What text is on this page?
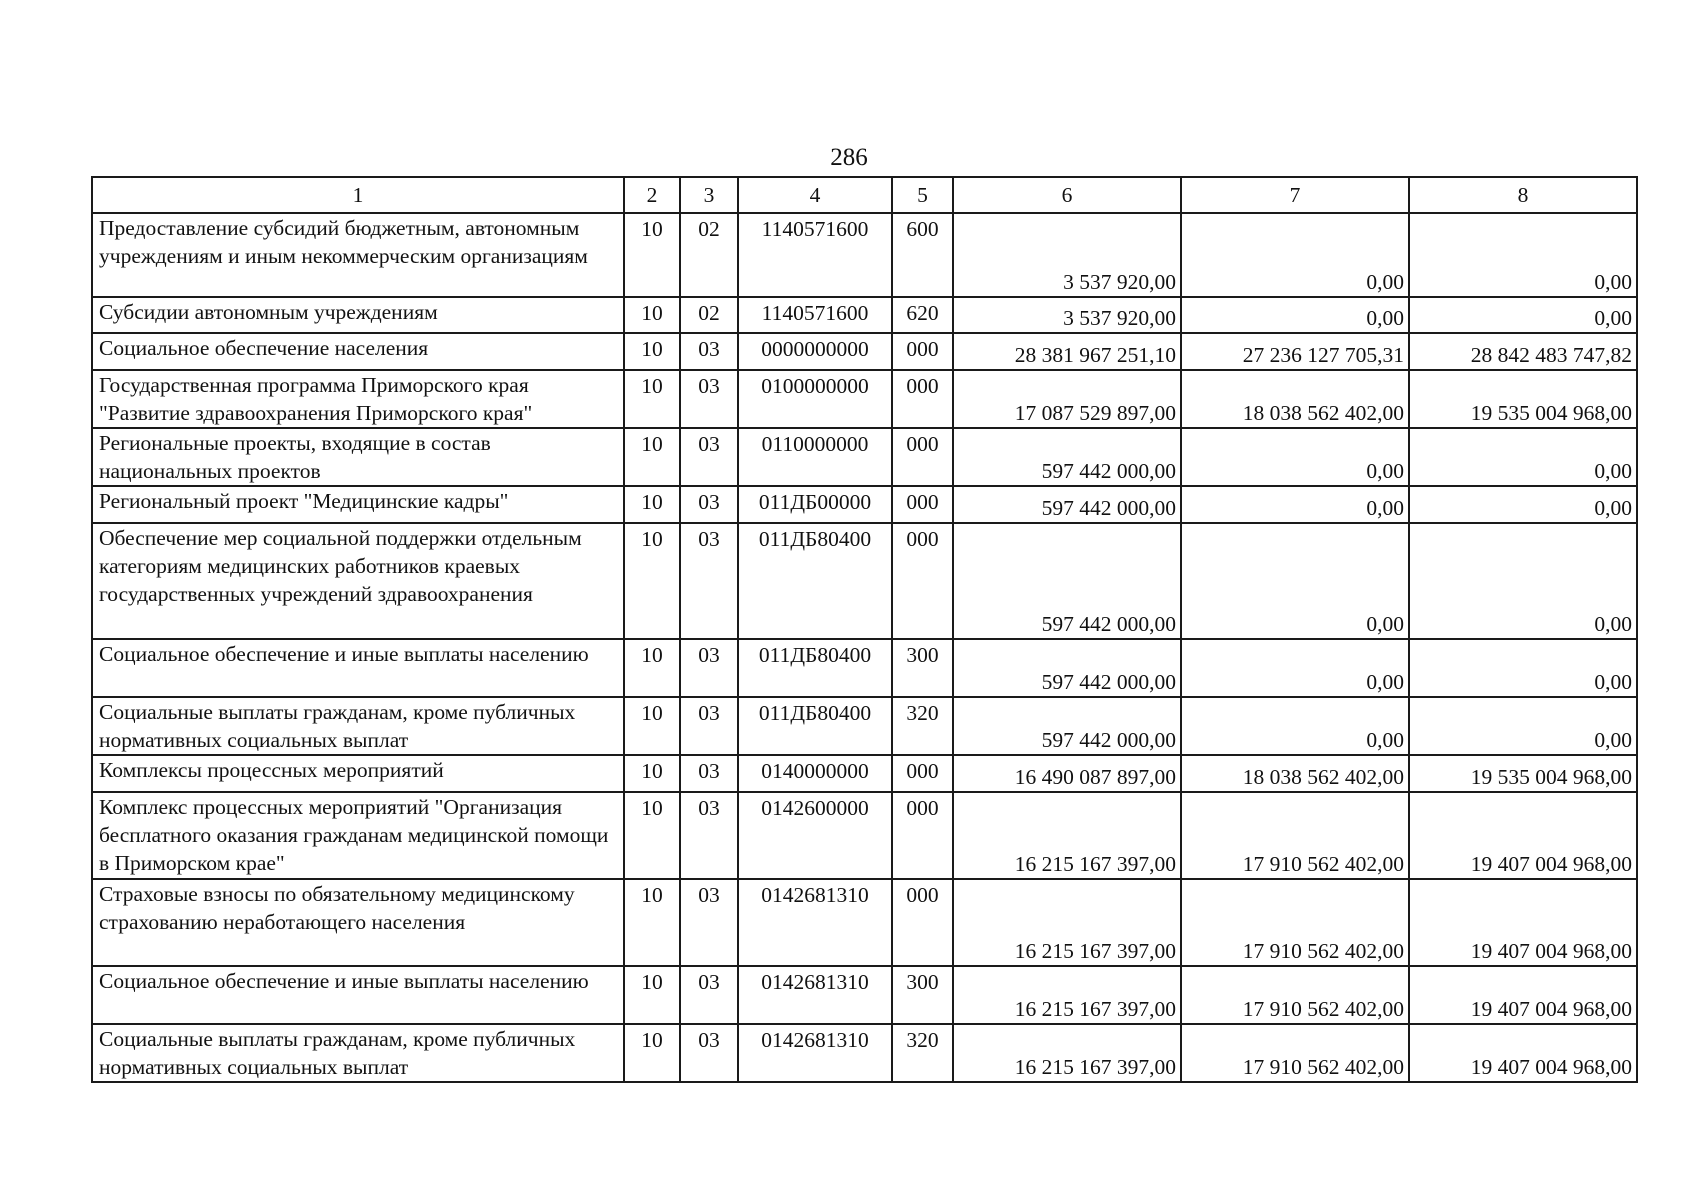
286
1	2	3	4	5	6	7	8
Предоставление субсидий бюджетным, автономным учреждениям и иным некоммерческим организациям	10	02	1140571600	600	3 537 920,00	0,00	0,00
Субсидии автономным учреждениям	10	02	1140571600	620	3 537 920,00	0,00	0,00
Социальное обеспечение населения	10	03	0000000000	000	28 381 967 251,10	27 236 127 705,31	28 842 483 747,82
Государственная программа Приморского края "Развитие здравоохранения Приморского края"	10	03	0100000000	000	17 087 529 897,00	18 038 562 402,00	19 535 004 968,00
Региональные проекты, входящие в состав национальных проектов	10	03	0110000000	000	597 442 000,00	0,00	0,00
Региональный проект "Медицинские кадры"	10	03	011ДБ00000	000	597 442 000,00	0,00	0,00
Обеспечение мер социальной поддержки отдельным категориям медицинских работников краевых государственных учреждений здравоохранения	10	03	011ДБ80400	000	597 442 000,00	0,00	0,00
Социальное обеспечение и иные выплаты населению	10	03	011ДБ80400	300	597 442 000,00	0,00	0,00
Социальные выплаты гражданам, кроме публичных нормативных социальных выплат	10	03	011ДБ80400	320	597 442 000,00	0,00	0,00
Комплексы процессных мероприятий	10	03	0140000000	000	16 490 087 897,00	18 038 562 402,00	19 535 004 968,00
Комплекс процессных мероприятий "Организация бесплатного оказания гражданам медицинской помощи в Приморском крае"	10	03	0142600000	000	16 215 167 397,00	17 910 562 402,00	19 407 004 968,00
Страховые взносы по обязательному медицинскому страхованию неработающего населения	10	03	0142681310	000	16 215 167 397,00	17 910 562 402,00	19 407 004 968,00
Социальное обеспечение и иные выплаты населению	10	03	0142681310	300	16 215 167 397,00	17 910 562 402,00	19 407 004 968,00
Социальные выплаты гражданам, кроме публичных нормативных социальных выплат	10	03	0142681310	320	16 215 167 397,00	17 910 562 402,00	19 407 004 968,00
